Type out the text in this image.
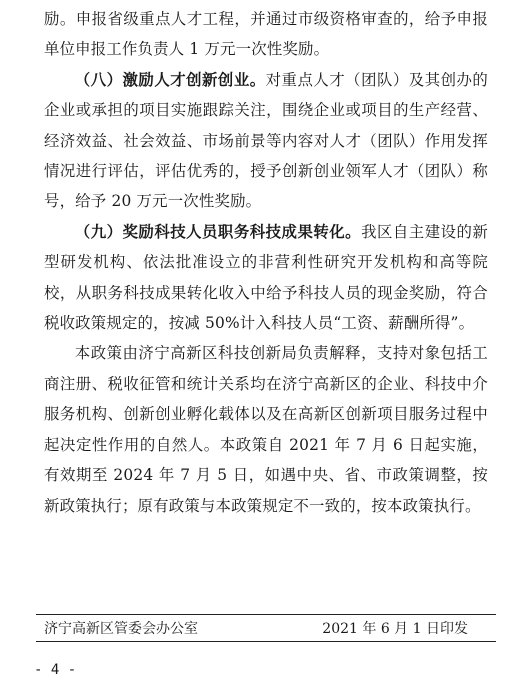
励。申报省级重点人才工程，并通过市级资格审查的，给予申报单位申报工作负责人 1 万元一次性奖励。

（八）激励人才创新创业。对重点人才（团队）及其创办的企业或承担的项目实施跟踪关注，围绕企业或项目的生产经营、经济效益、社会效益、市场前景等内容对人才（团队）作用发挥情况进行评估，评估优秀的，授予创新创业领军人才（团队）称号，给予 20 万元一次性奖励。

（九）奖励科技人员职务科技成果转化。我区自主建设的新型研发机构、依法批准设立的非营利性研究开发机构和高等院校，从职务科技成果转化收入中给予科技人员的现金奖励，符合税收政策规定的，按减 50%计入科技人员“工资、薪酬所得”。

本政策由济宁高新区科技创新局负责解释，支持对象包括工商注册、税收征管和统计关系均在济宁高新区的企业、科技中介服务机构、创新创业孵化载体以及在高新区创新项目服务过程中起决定性作用的自然人。本政策自 2021 年 7 月 6 日起实施，有效期至 2024 年 7 月 5 日，如遇中央、省、市政策调整，按新政策执行；原有政策与本政策规定不一致的，按本政策执行。

济宁高新区管委会办公室	2021 年 6 月 1 日印发
- 4 -
